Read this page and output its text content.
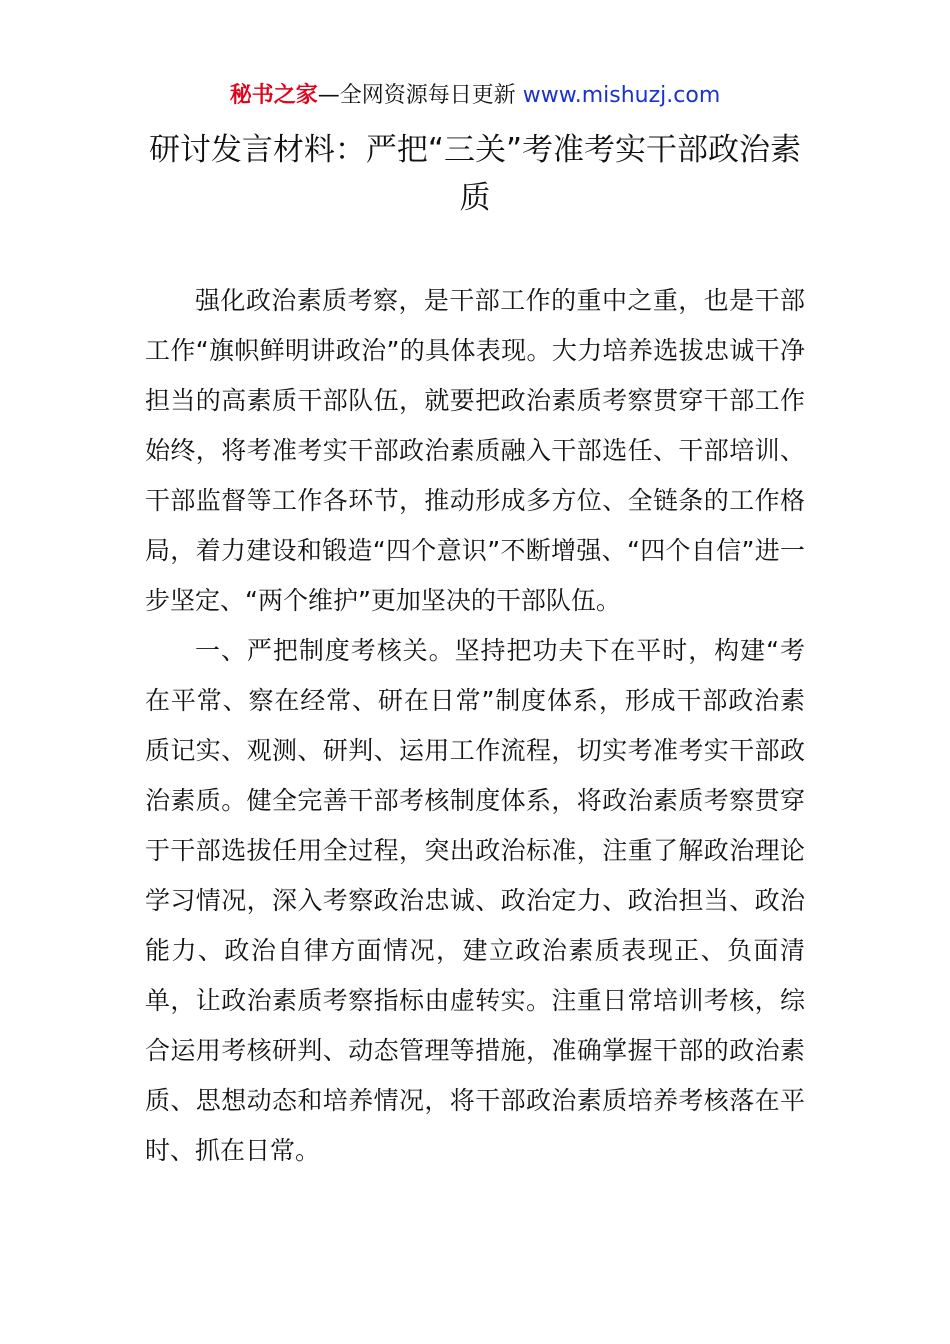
秘书之家—全网资源每日更新 www.mishuzj.com
研讨发言材料：严把“三关”考准考实干部政治素质

强化政治素质考察，是干部工作的重中之重，也是干部工作“旗帜鲜明讲政治”的具体表现。大力培养选拔忠诚干净担当的高素质干部队伍，就要把政治素质考察贯穿干部工作始终，将考准考实干部政治素质融入干部选任、干部培训、干部监督等工作各环节，推动形成多方位、全链条的工作格局，着力建设和锻造“四个意识”不断增强、“四个自信”进一步坚定、“两个维护”更加坚决的干部队伍。

一、严把制度考核关。坚持把功夫下在平时，构建“考在平常、察在经常、研在日常”制度体系，形成干部政治素质记实、观测、研判、运用工作流程，切实考准考实干部政治素质。健全完善干部考核制度体系，将政治素质考察贯穿于干部选拔任用全过程，突出政治标准，注重了解政治理论学习情况，深入考察政治忠诚、政治定力、政治担当、政治能力、政治自律方面情况，建立政治素质表现正、负面清单，让政治素质考察指标由虚转实。注重日常培训考核，综合运用考核研判、动态管理等措施，准确掌握干部的政治素质、思想动态和培养情况，将干部政治素质培养考核落在平时、抓在日常。
